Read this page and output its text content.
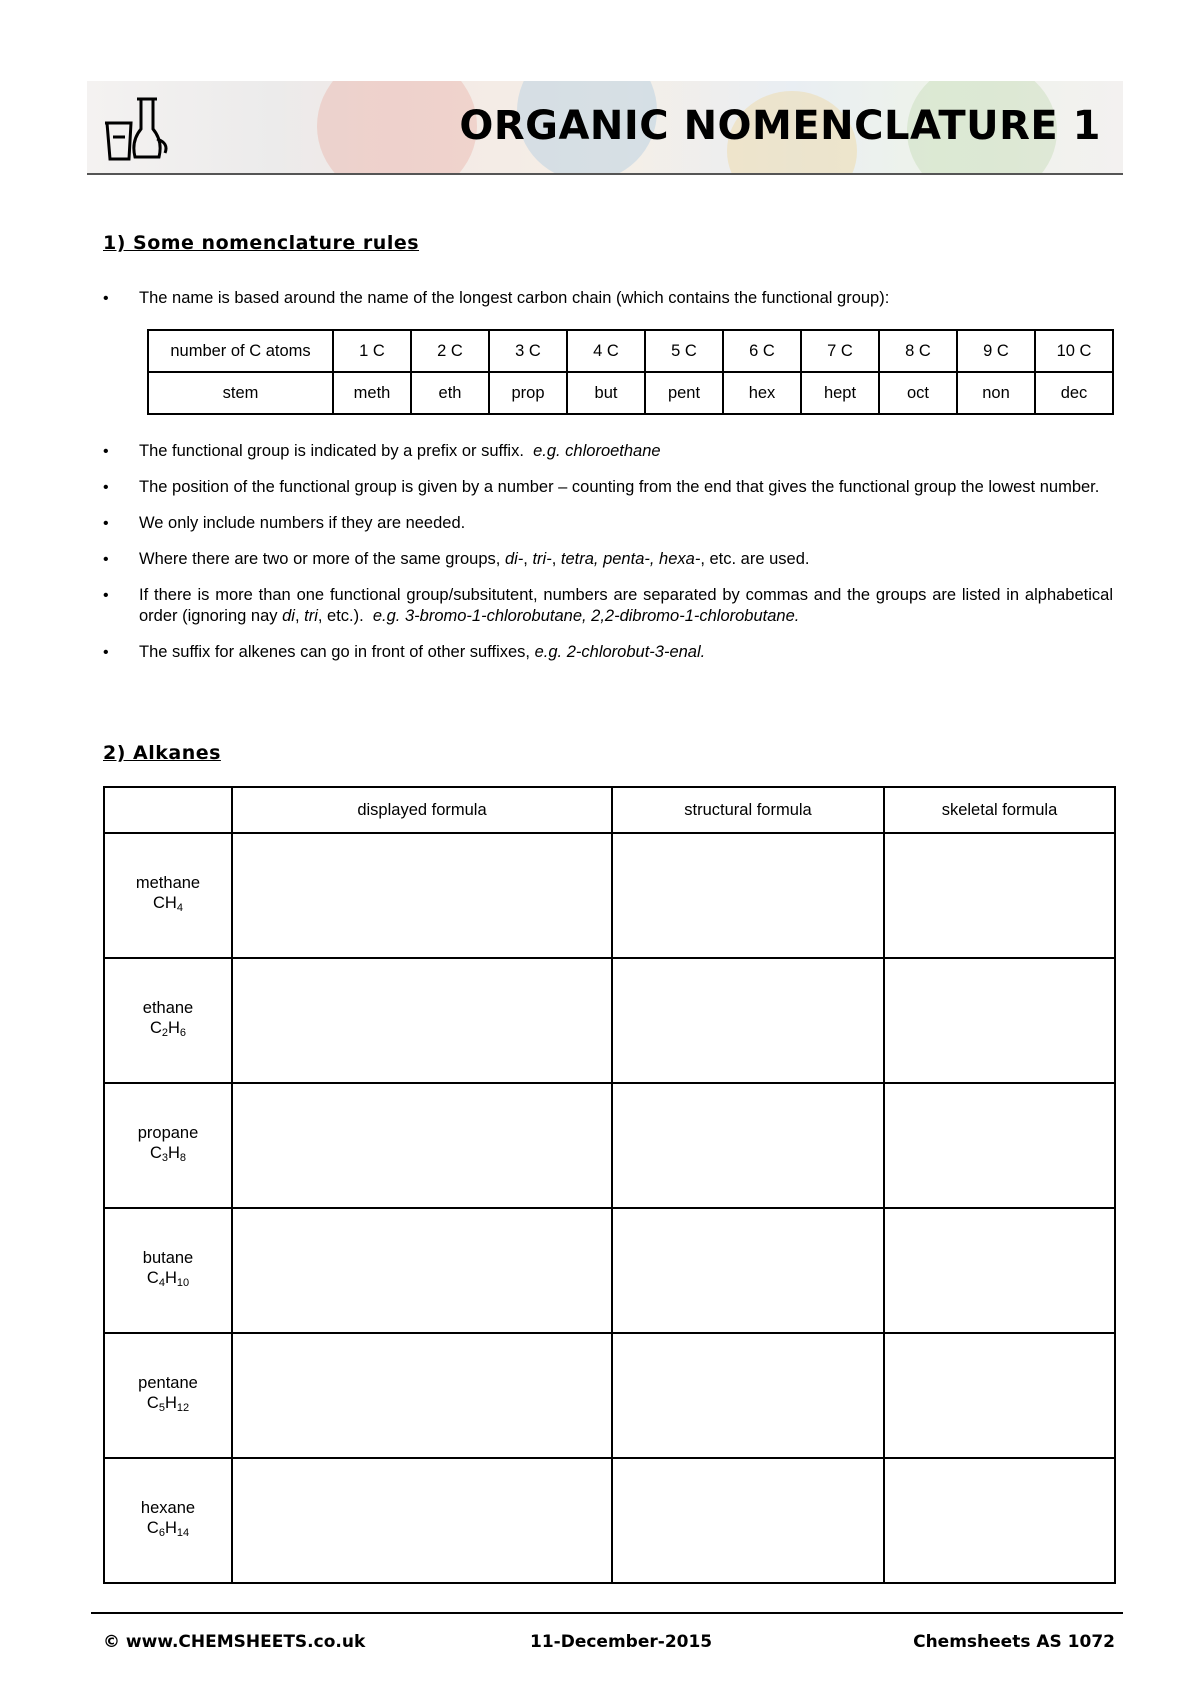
ORGANIC NOMENCLATURE 1
1) Some nomenclature rules
• The name is based around the name of the longest carbon chain (which contains the functional group):
number of C atoms	1 C	2 C	3 C	4 C	5 C	6 C	7 C	8 C	9 C	10 C
stem	meth	eth	prop	but	pent	hex	hept	oct	non	dec
• The functional group is indicated by a prefix or suffix. e.g. chloroethane
• The position of the functional group is given by a number – counting from the end that gives the functional group the lowest number.
• We only include numbers if they are needed.
• Where there are two or more of the same groups, di-, tri-, tetra, penta-, hexa-, etc. are used.
• If there is more than one functional group/subsitutent, numbers are separated by commas and the groups are listed in alphabetical order (ignoring nay di, tri, etc.). e.g. 3-bromo-1-chlorobutane, 2,2-dibromo-1-chlorobutane.
• The suffix for alkenes can go in front of other suffixes, e.g. 2-chlorobut-3-enal.
2) Alkanes
	displayed formula	structural formula	skeletal formula

methane
$CH_4$

ethane
$C_2H_6$

propane
$C_3H_8$

butane
$C_4H_{10}$

pentane
$C_5H_{12}$

hexane
$C_6H_{14}$

© www.CHEMSHEETS.co.uk	11-December-2015	Chemsheets AS 1072
